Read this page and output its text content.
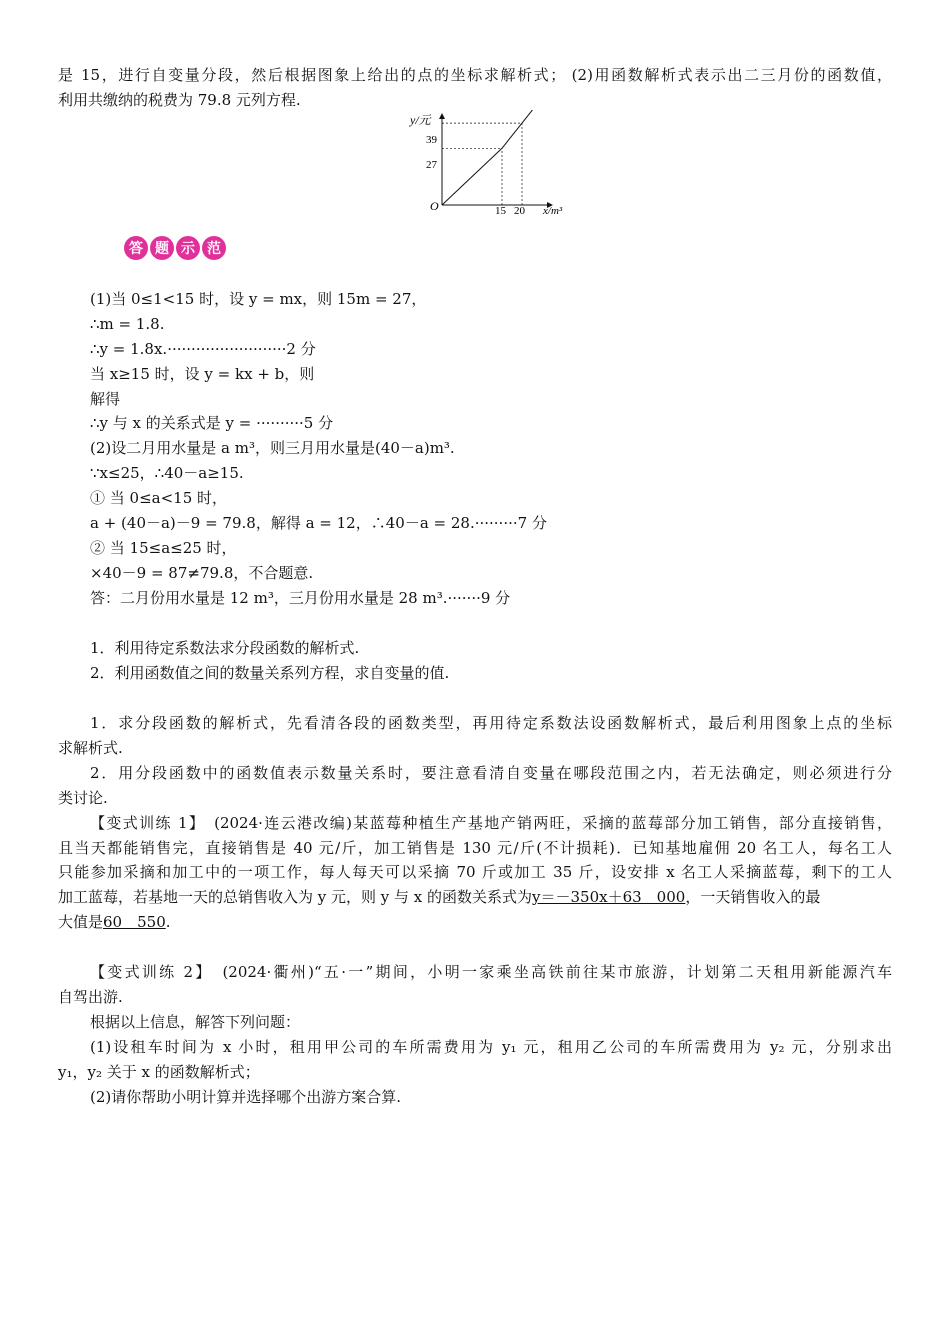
是 15，进行自变量分段，然后根据图象上给出的点的坐标求解析式； (2)用函数解析式表示出二三月份的函数值，
利用共缴纳的税费为 79.8 元列方程.
y/元
x/m³
O
27
39
15 20
答 题 示 范
(1)当 0≤1<15 时，设 y = mx，则 15m = 27，
∴m = 1.8.
∴y = 1.8x.·························2 分
当 x≥15 时，设 y = kx + b，则
解得
∴y 与 x 的关系式是 y = ··········5 分
(2)设二月用水量是 a m³，则三月用水量是(40－a)m³.
∵x≤25，∴40－a≥15.
① 当 0≤a<15 时，
a + (40－a)－9 = 79.8，解得 a = 12，∴40－a = 28.·········7 分
② 当 15≤a≤25 时，
×40－9 = 87≠79.8，不合题意.
答：二月份用水量是 12 m³，三月份用水量是 28 m³.·······9 分
1．利用待定系数法求分段函数的解析式.
2．利用函数值之间的数量关系列方程，求自变量的值.
1．求分段函数的解析式，先看清各段的函数类型，再用待定系数法设函数解析式，最后利用图象上点的坐标
求解析式.
2．用分段函数中的函数值表示数量关系时，要注意看清自变量在哪段范围之内，若无法确定，则必须进行分
类讨论.
【变式训练 1】　(2024·连云港改编)某蓝莓种植生产基地产销两旺，采摘的蓝莓部分加工销售，部分直接销售，
且当天都能销售完，直接销售是 40 元/斤，加工销售是 130 元/斤(不计损耗)．已知基地雇佣 20 名工人，每名工人
只能参加采摘和加工中的一项工作，每人每天可以采摘 70 斤或加工 35 斤，设安排 x 名工人采摘蓝莓，剩下的工人
加工蓝莓，若基地一天的总销售收入为 y 元，则 y 与 x 的函数关系式为y＝－350x＋63　000，一天销售收入的最
大值是60　550.
【变式训练 2】　(2024·衢州)“五·一”期间，小明一家乘坐高铁前往某市旅游，计划第二天租用新能源汽车
自驾出游.
根据以上信息，解答下列问题：
(1)设租车时间为 x 小时，租用甲公司的车所需费用为 y₁ 元，租用乙公司的车所需费用为 y₂ 元，分别求出
y₁，y₂ 关于 x 的函数解析式；
(2)请你帮助小明计算并选择哪个出游方案合算.
